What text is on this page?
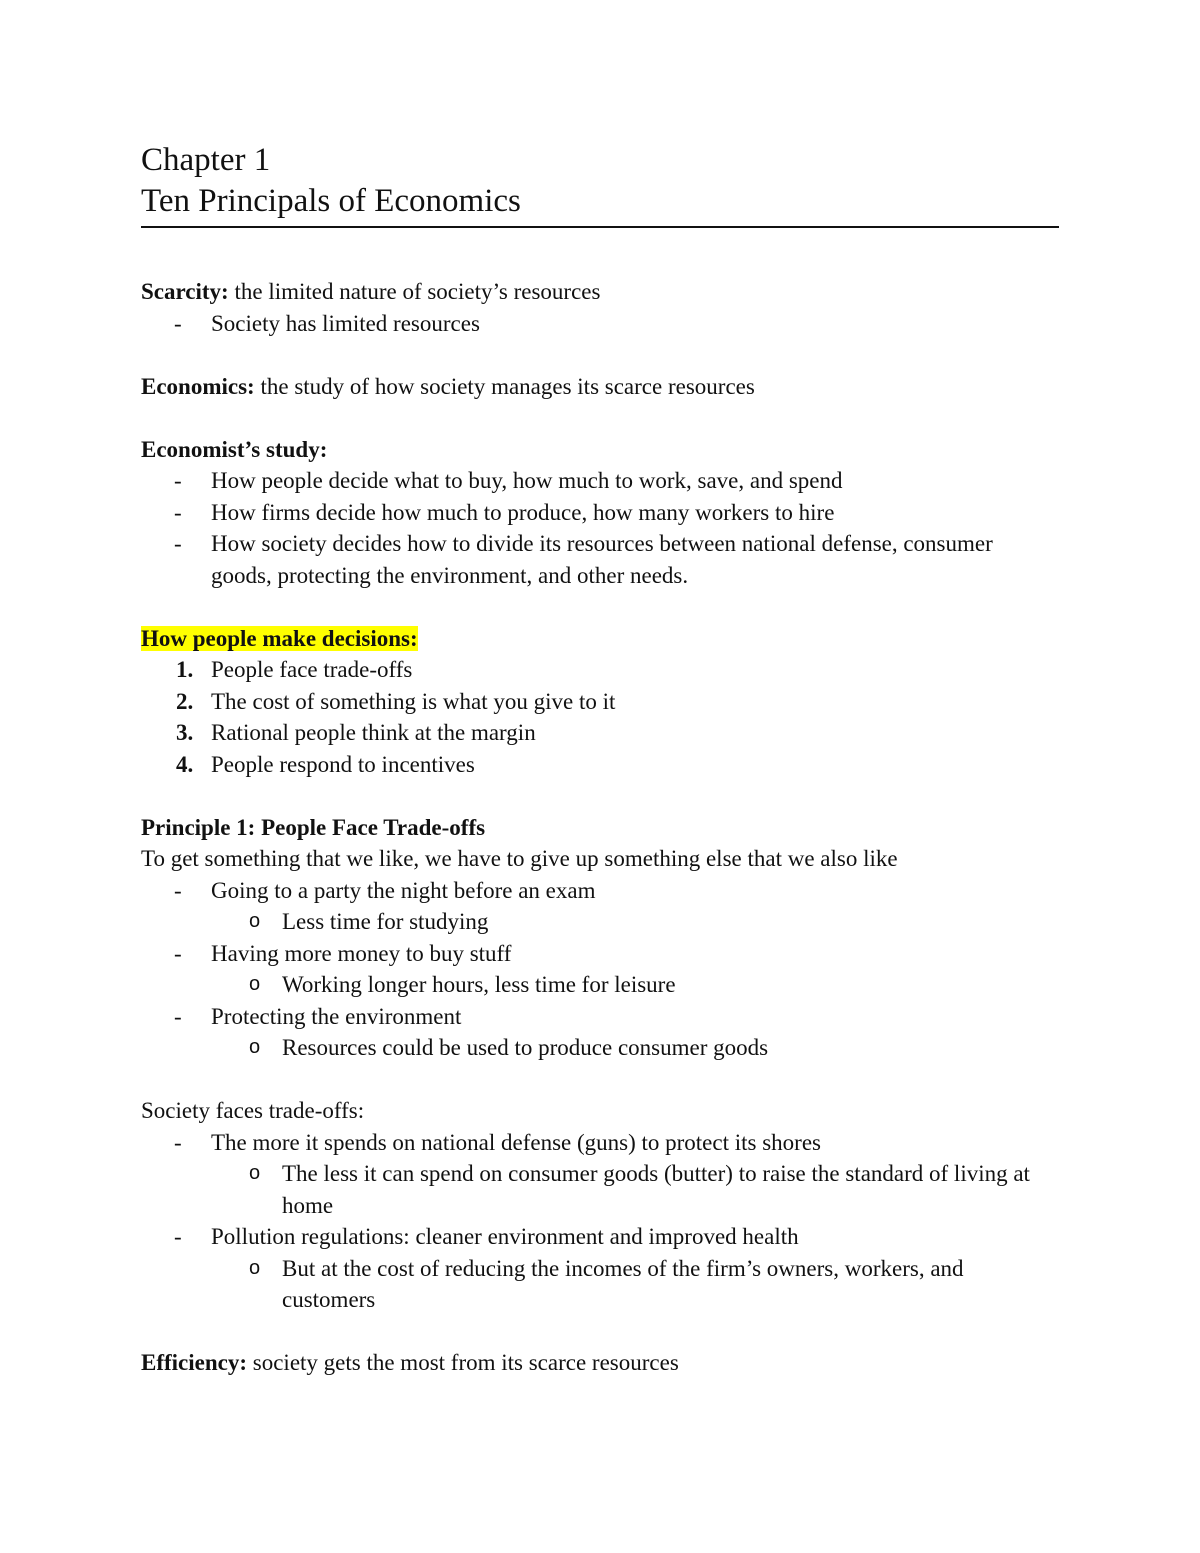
Chapter 1
Ten Principals of Economics
Scarcity: the limited nature of society’s resources
- Society has limited resources
Economics: the study of how society manages its scarce resources
Economist’s study:
- How people decide what to buy, how much to work, save, and spend
- How firms decide how much to produce, how many workers to hire
- How society decides how to divide its resources between national defense, consumer goods, protecting the environment, and other needs.
How people make decisions:
1. People face trade-offs
2. The cost of something is what you give to it
3. Rational people think at the margin
4. People respond to incentives
Principle 1: People Face Trade-offs
To get something that we like, we have to give up something else that we also like
- Going to a party the night before an exam
o Less time for studying
- Having more money to buy stuff
o Working longer hours, less time for leisure
- Protecting the environment
o Resources could be used to produce consumer goods
Society faces trade-offs:
- The more it spends on national defense (guns) to protect its shores
o The less it can spend on consumer goods (butter) to raise the standard of living at home
- Pollution regulations: cleaner environment and improved health
o But at the cost of reducing the incomes of the firm’s owners, workers, and customers
Efficiency: society gets the most from its scarce resources
